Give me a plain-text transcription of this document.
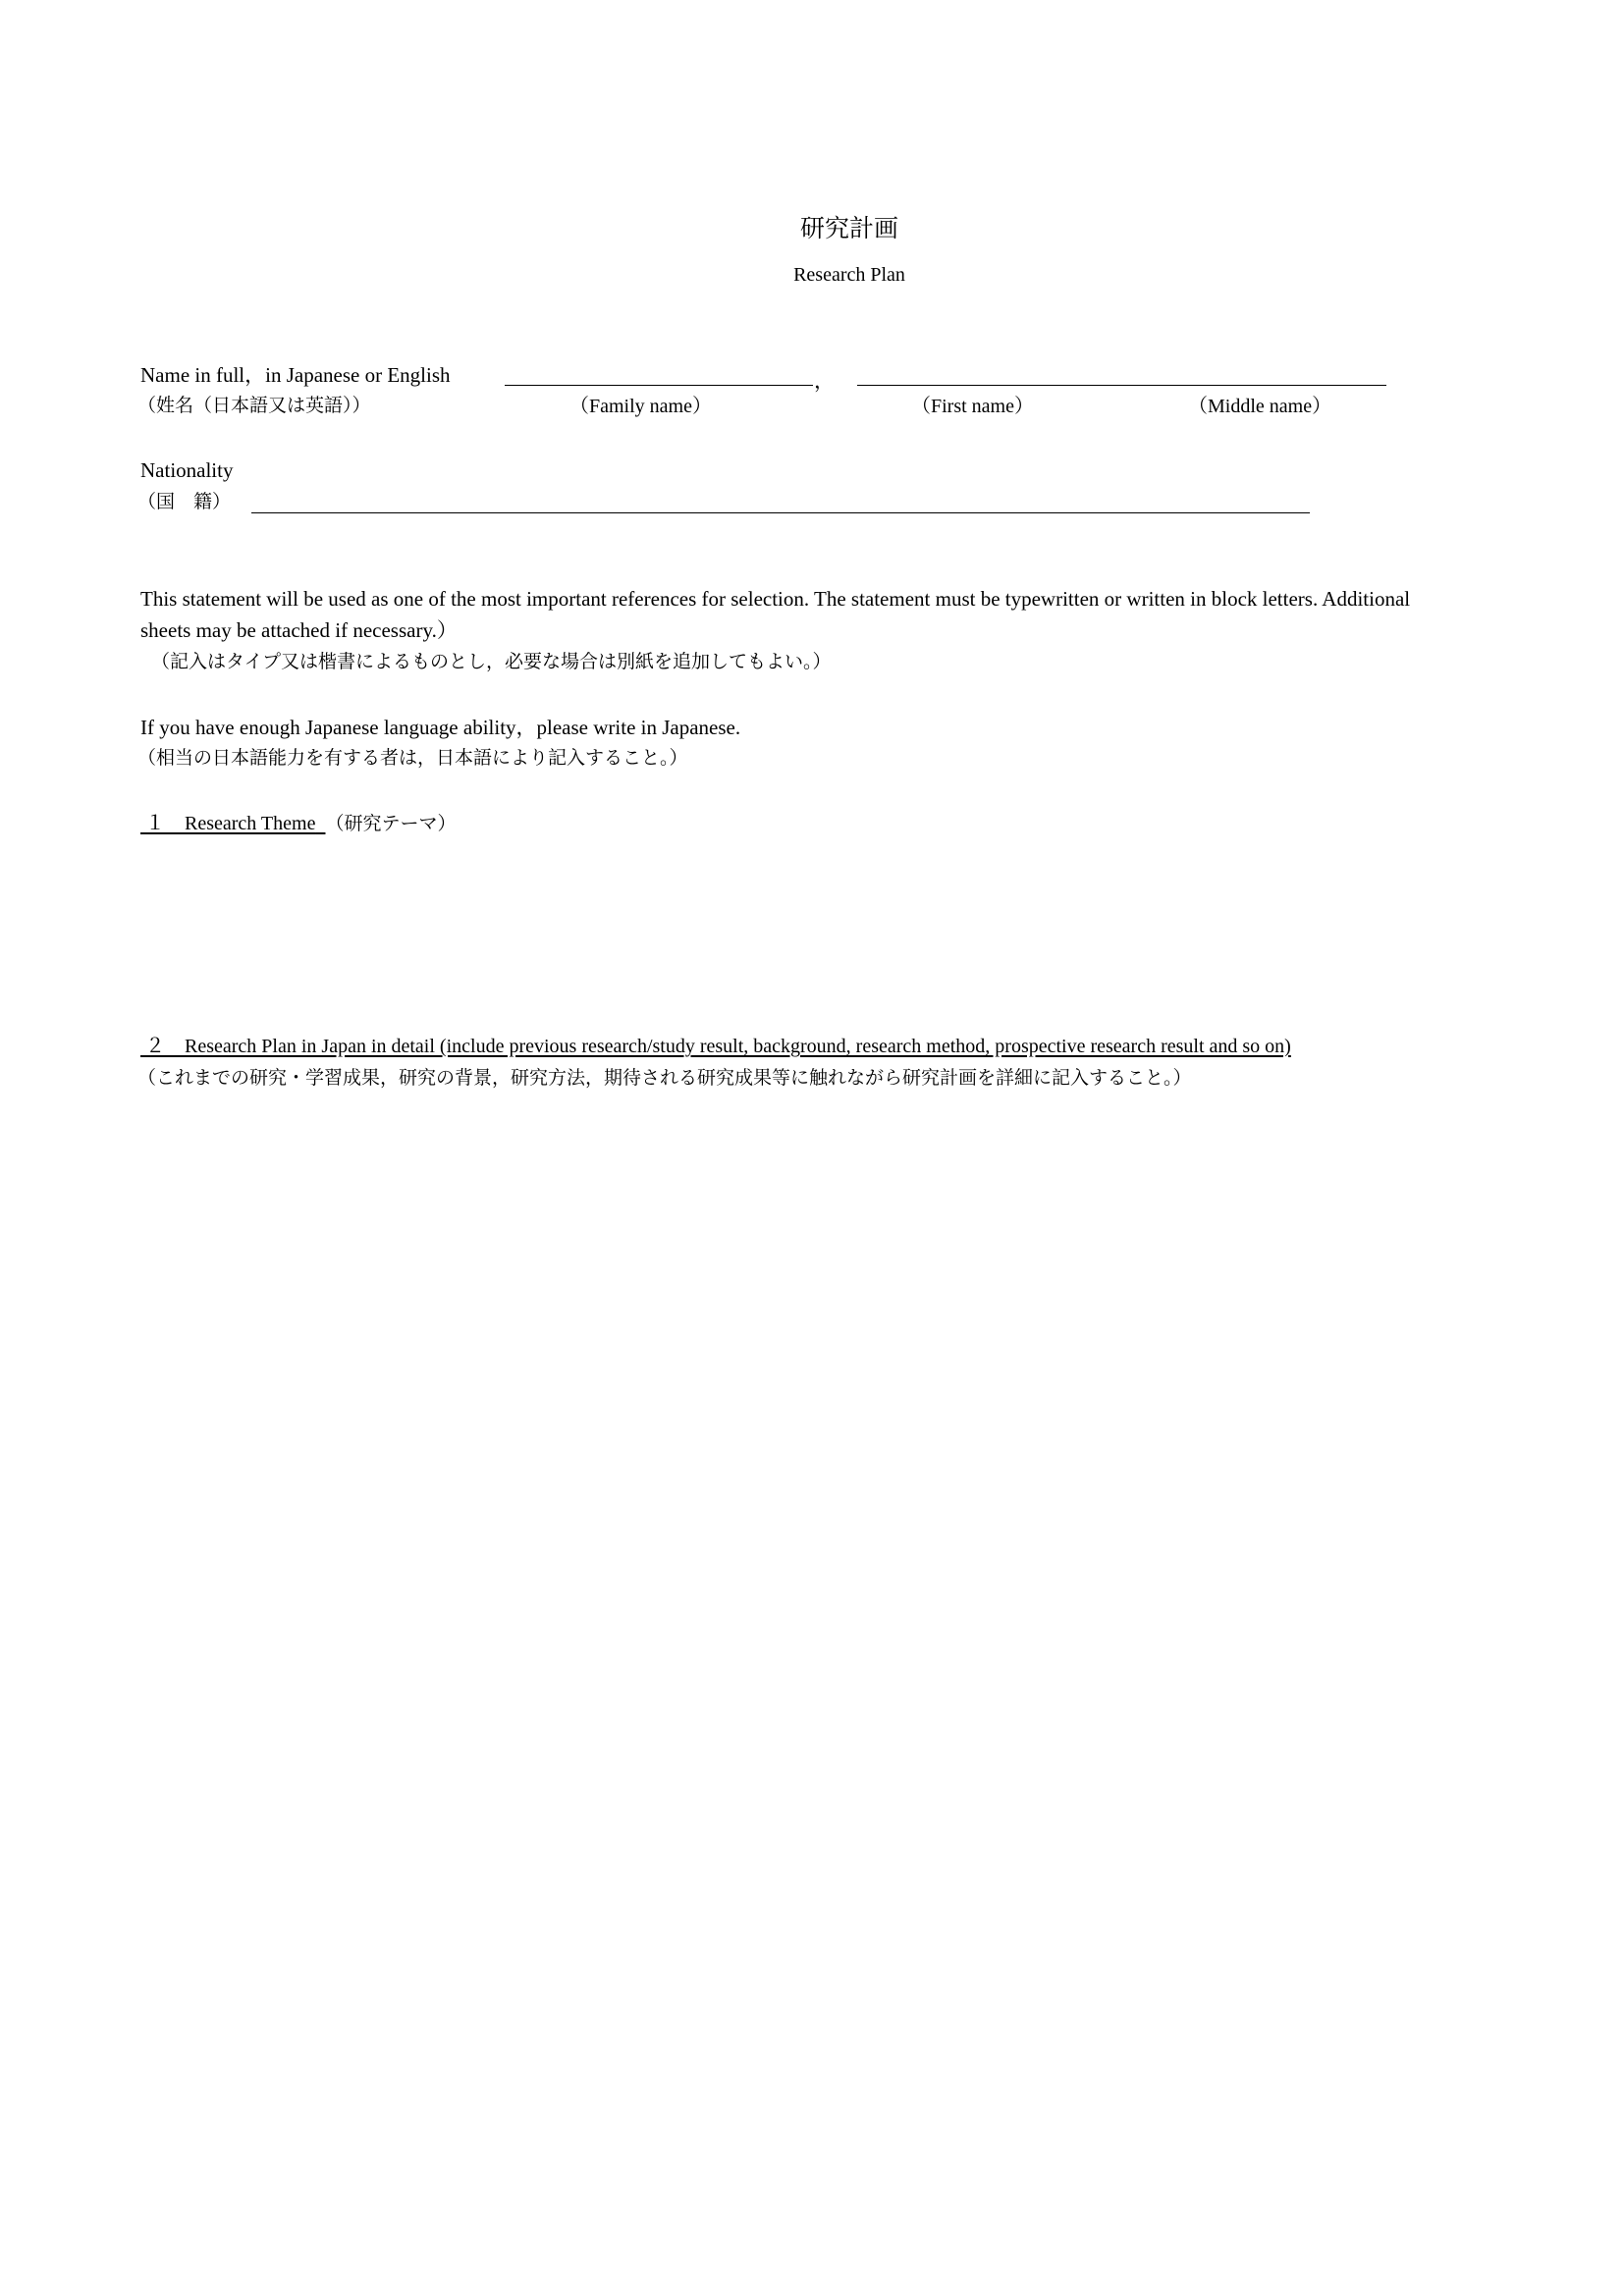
研究計画
Research Plan
Name in full，in Japanese or English
（姓名（日本語又は英語））
，
（Family name）	（First name）	（Middle name）
Nationality
（国　籍）
This statement will be used as one of the most important references for selection. The statement must be typewritten or written in block letters. Additional
sheets may be attached if necessary.）
（記入はタイプ又は楷書によるものとし，必要な場合は別紙を追加してもよい。）
If you have enough Japanese language ability，please write in Japanese.
（相当の日本語能力を有する者は，日本語により記入すること。）
１ Research Theme （研究テーマ）
２ Research Plan in Japan in detail (include previous research/study result, background, research method, prospective research result and so on)
（これまでの研究・学習成果，研究の背景，研究方法，期待される研究成果等に触れながら研究計画を詳細に記入すること。）
